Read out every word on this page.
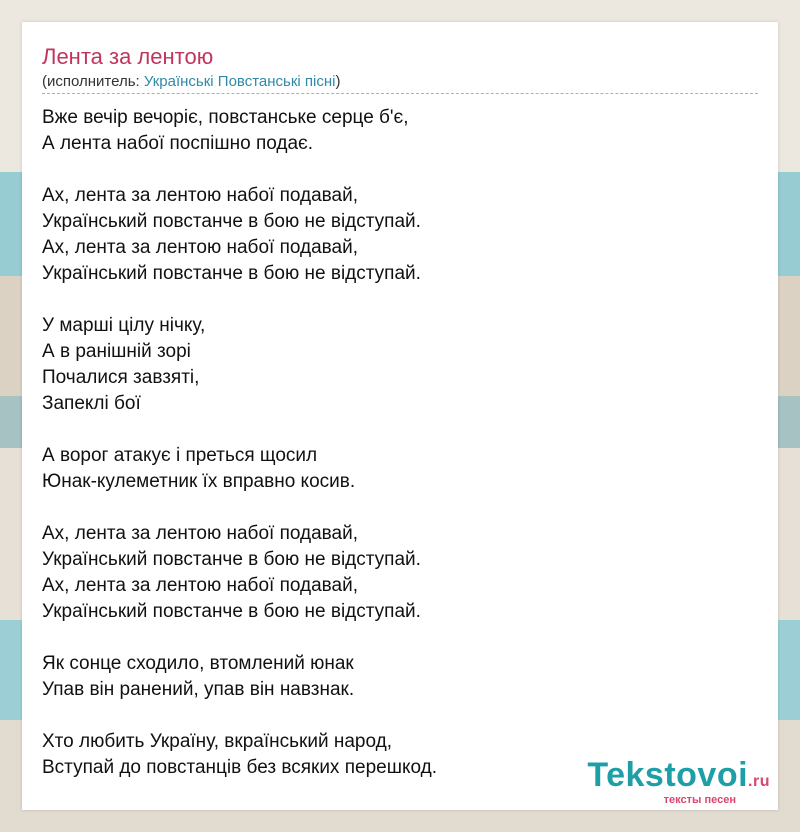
Лента за лентою
(исполнитель: Українські Повстанські пісні)
Вже вечір вечоріє, повстанське серце б'є,
А лента набої поспішно подає.
Ах, лента за лентою набої подавай,
Український повстанче в бою не відступай.
Ах, лента за лентою набої подавай,
Український повстанче в бою не відступай.
У марші цілу нічку,
А в ранішній зорі
Почалися завзяті,
Запеклі бої
А ворог атакує і преться щосил
Юнак-кулеметник їх вправно косив.
Ах, лента за лентою набої подавай,
Український повстанче в бою не відступай.
Ах, лента за лентою набої подавай,
Український повстанче в бою не відступай.
Як сонце сходило, втомлений юнак
Упав він ранений, упав він навзнак.
Хто любить Україну, вкраїнський народ,
Вступай до повстанців без всяких перешкод.	Tekstovoi.ru
тексты песен
